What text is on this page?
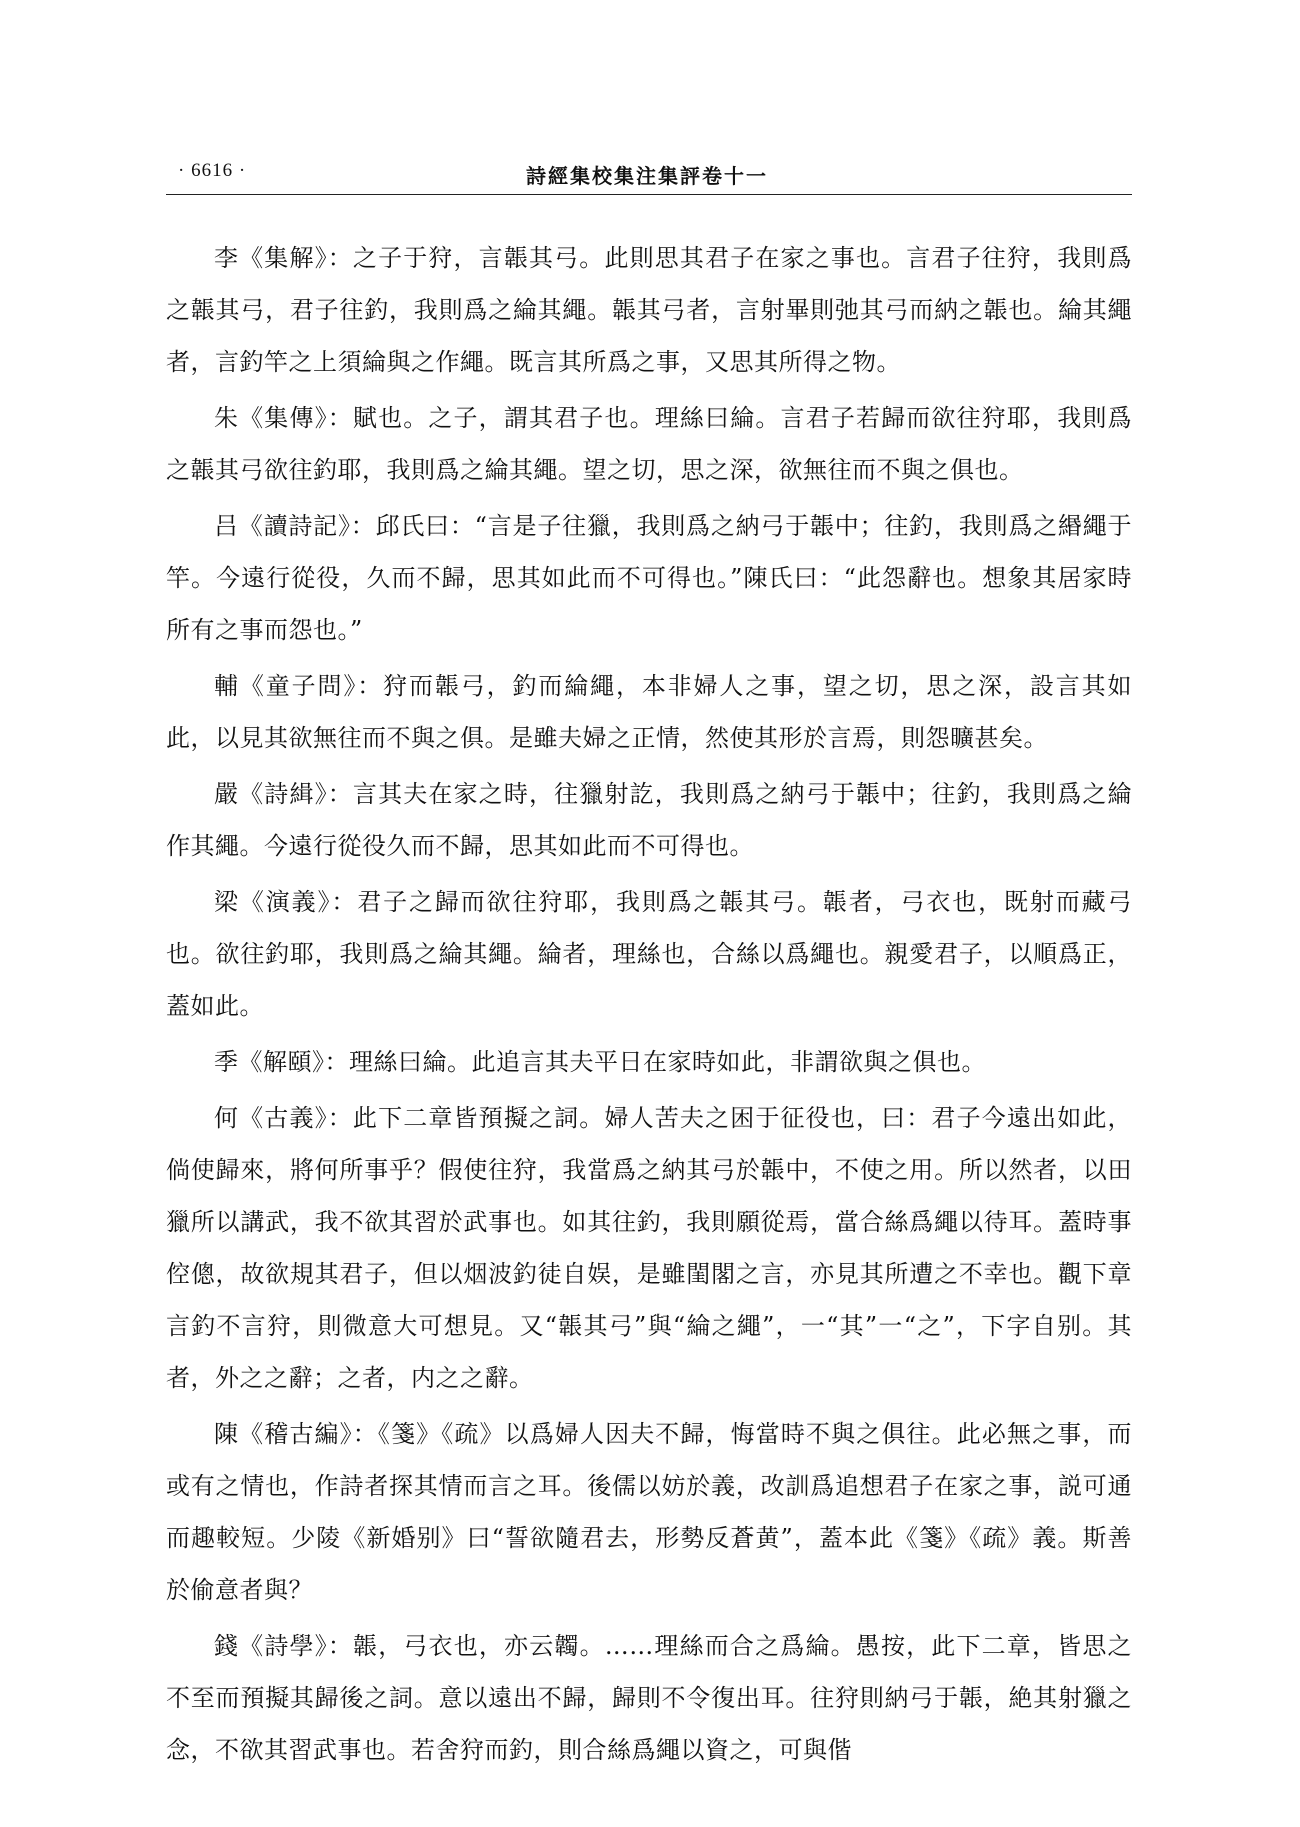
· 6616 ·	詩經集校集注集評卷十一

李《集解》：之子于狩，言韔其弓。此則思其君子在家之事也。言君子往狩，我則爲之韔其弓，君子往釣，我則爲之綸其繩。韔其弓者，言射畢則弛其弓而納之韔也。綸其繩者，言釣竿之上須綸與之作繩。既言其所爲之事，又思其所得之物。

朱《集傳》：賦也。之子，謂其君子也。理絲曰綸。言君子若歸而欲往狩耶，我則爲之韔其弓欲往釣耶，我則爲之綸其繩。望之切，思之深，欲無往而不與之俱也。

吕《讀詩記》：邱氏曰：“言是子往獵，我則爲之納弓于韔中；往釣，我則爲之緡繩于竿。今遠行從役，久而不歸，思其如此而不可得也。”陳氏曰：“此怨辭也。想象其居家時所有之事而怨也。”

輔《童子問》：狩而韔弓，釣而綸繩，本非婦人之事，望之切，思之深，設言其如此，以見其欲無往而不與之俱。是雖夫婦之正情，然使其形於言焉，則怨曠甚矣。

嚴《詩緝》：言其夫在家之時，往獵射訖，我則爲之納弓于韔中；往釣，我則爲之綸作其繩。今遠行從役久而不歸，思其如此而不可得也。

梁《演義》：君子之歸而欲往狩耶，我則爲之韔其弓。韔者，弓衣也，既射而藏弓也。欲往釣耶，我則爲之綸其繩。綸者，理絲也，合絲以爲繩也。親愛君子，以順爲正，蓋如此。

季《解頤》：理絲曰綸。此追言其夫平日在家時如此，非謂欲與之俱也。

何《古義》：此下二章皆預擬之詞。婦人苦夫之困于征役也，曰：君子今遠出如此，倘使歸來，將何所事乎？假使往狩，我當爲之納其弓於韔中，不使之用。所以然者，以田獵所以講武，我不欲其習於武事也。如其往釣，我則願從焉，當合絲爲繩以待耳。蓋時事倥傯，故欲規其君子，但以烟波釣徒自娱，是雖閨閣之言，亦見其所遭之不幸也。觀下章言釣不言狩，則微意大可想見。又“韔其弓”與“綸之繩”，一“其”一“之”，下字自别。其者，外之之辭；之者，内之之辭。

陳《稽古編》：《箋》《疏》以爲婦人因夫不歸，悔當時不與之俱往。此必無之事，而或有之情也，作詩者探其情而言之耳。後儒以妨於義，改訓爲追想君子在家之事，説可通而趣較短。少陵《新婚别》曰“誓欲隨君去，形勢反蒼黄”，蓋本此《箋》《疏》義。斯善於偷意者與？

錢《詩學》：韔，弓衣也，亦云韣。……理絲而合之爲綸。愚按，此下二章，皆思之不至而預擬其歸後之詞。意以遠出不歸，歸則不令復出耳。往狩則納弓于韔，絶其射獵之念，不欲其習武事也。若舍狩而釣，則合絲爲繩以資之，可與偕
